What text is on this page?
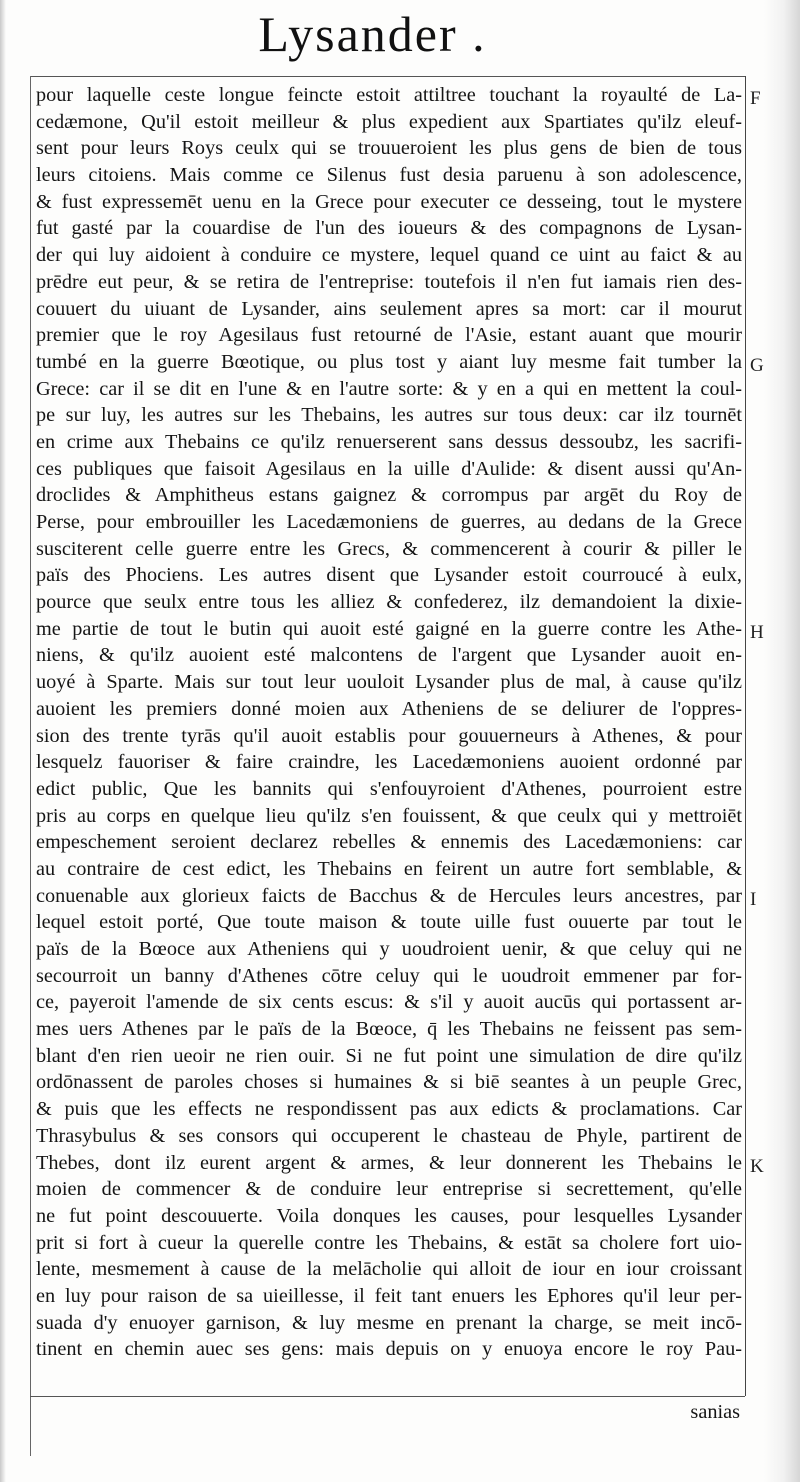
Lysander .
pour laquelle ceste longue feincte estoit attiltree touchant la royaulté de La-
cedæmone, Qu'il estoit meilleur & plus expedient aux Spartiates qu'ilz eleuf-
sent pour leurs Roys ceulx qui se trouueroient les plus gens de bien de tous
leurs citoiens. Mais comme ce Silenus fust desia paruenu à son adolescence,
& fust expressemēt uenu en la Grece pour executer ce desseing, tout le mystere
fut gasté par la couardise de l'un des ioueurs & des compagnons de Lysan-
der qui luy aidoient à conduire ce mystere, lequel quand ce uint au faict & au
prēdre eut peur, & se retira de l'entreprise: toutefois il n'en fut iamais rien des-
couuert du uiuant de Lysander, ains seulement apres sa mort: car il mourut
premier que le roy Agesilaus fust retourné de l'Asie, estant auant que mourir
tumbé en la guerre Bœotique, ou plus tost y aiant luy mesme fait tumber la
Grece: car il se dit en l'une & en l'autre sorte: & y en a qui en mettent la coul-
pe sur luy, les autres sur les Thebains, les autres sur tous deux: car ilz tournēt
en crime aux Thebains ce qu'ilz renuerserent sans dessus dessoubz, les sacrifi-
ces publiques que faisoit Agesilaus en la uille d'Aulide: & disent aussi qu'An-
droclides & Amphitheus estans gaignez & corrompus par argēt du Roy de
Perse, pour embrouiller les Lacedæmoniens de guerres, au dedans de la Grece
susciterent celle guerre entre les Grecs, & commencerent à courir & piller le
païs des Phociens. Les autres disent que Lysander estoit courroucé à eulx,
pource que seulx entre tous les alliez & confederez, ilz demandoient la dixie-
me partie de tout le butin qui auoit esté gaigné en la guerre contre les Athe-
niens, & qu'ilz auoient esté malcontens de l'argent que Lysander auoit en-
uoyé à Sparte. Mais sur tout leur uouloit Lysander plus de mal, à cause qu'ilz
auoient les premiers donné moien aux Atheniens de se deliurer de l'oppres-
sion des trente tyrās qu'il auoit establis pour gouuerneurs à Athenes, & pour
lesquelz fauoriser & faire craindre, les Lacedæmoniens auoient ordonné par
edict public, Que les bannits qui s'enfouyroient d'Athenes, pourroient estre
pris au corps en quelque lieu qu'ilz s'en fouissent, & que ceulx qui y mettroiēt
empeschement seroient declarez rebelles & ennemis des Lacedæmoniens: car
au contraire de cest edict, les Thebains en feirent un autre fort semblable, &
conuenable aux glorieux faicts de Bacchus & de Hercules leurs ancestres, par
lequel estoit porté, Que toute maison & toute uille fust ouuerte par tout le
païs de la Bœoce aux Atheniens qui y uoudroient uenir, & que celuy qui ne
secourroit un banny d'Athenes cōtre celuy qui le uoudroit emmener par for-
ce, payeroit l'amende de six cents escus: & s'il y auoit aucūs qui portassent ar-
mes uers Athenes par le païs de la Bœoce, q̄ les Thebains ne feissent pas sem-
blant d'en rien ueoir ne rien ouir. Si ne fut point une simulation de dire qu'ilz
ordōnassent de paroles choses si humaines & si biē seantes à un peuple Grec,
& puis que les effects ne respondissent pas aux edicts & proclamations. Car
Thrasybulus & ses consors qui occuperent le chasteau de Phyle, partirent de
Thebes, dont ilz eurent argent & armes, & leur donnerent les Thebains le
moien de commencer & de conduire leur entreprise si secrettement, qu'elle
ne fut point descouuerte. Voila donques les causes, pour lesquelles Lysander
prit si fort à cueur la querelle contre les Thebains, & estāt sa cholere fort uio-
lente, mesmement à cause de la melācholie qui alloit de iour en iour croissant
en luy pour raison de sa uieillesse, il feit tant enuers les Ephores qu'il leur per-
suada d'y enuoyer garnison, & luy mesme en prenant la charge, se meit incō-
tinent en chemin auec ses gens: mais depuis on y enuoya encore le roy Pau-
F
G
H
I
K
sanias
